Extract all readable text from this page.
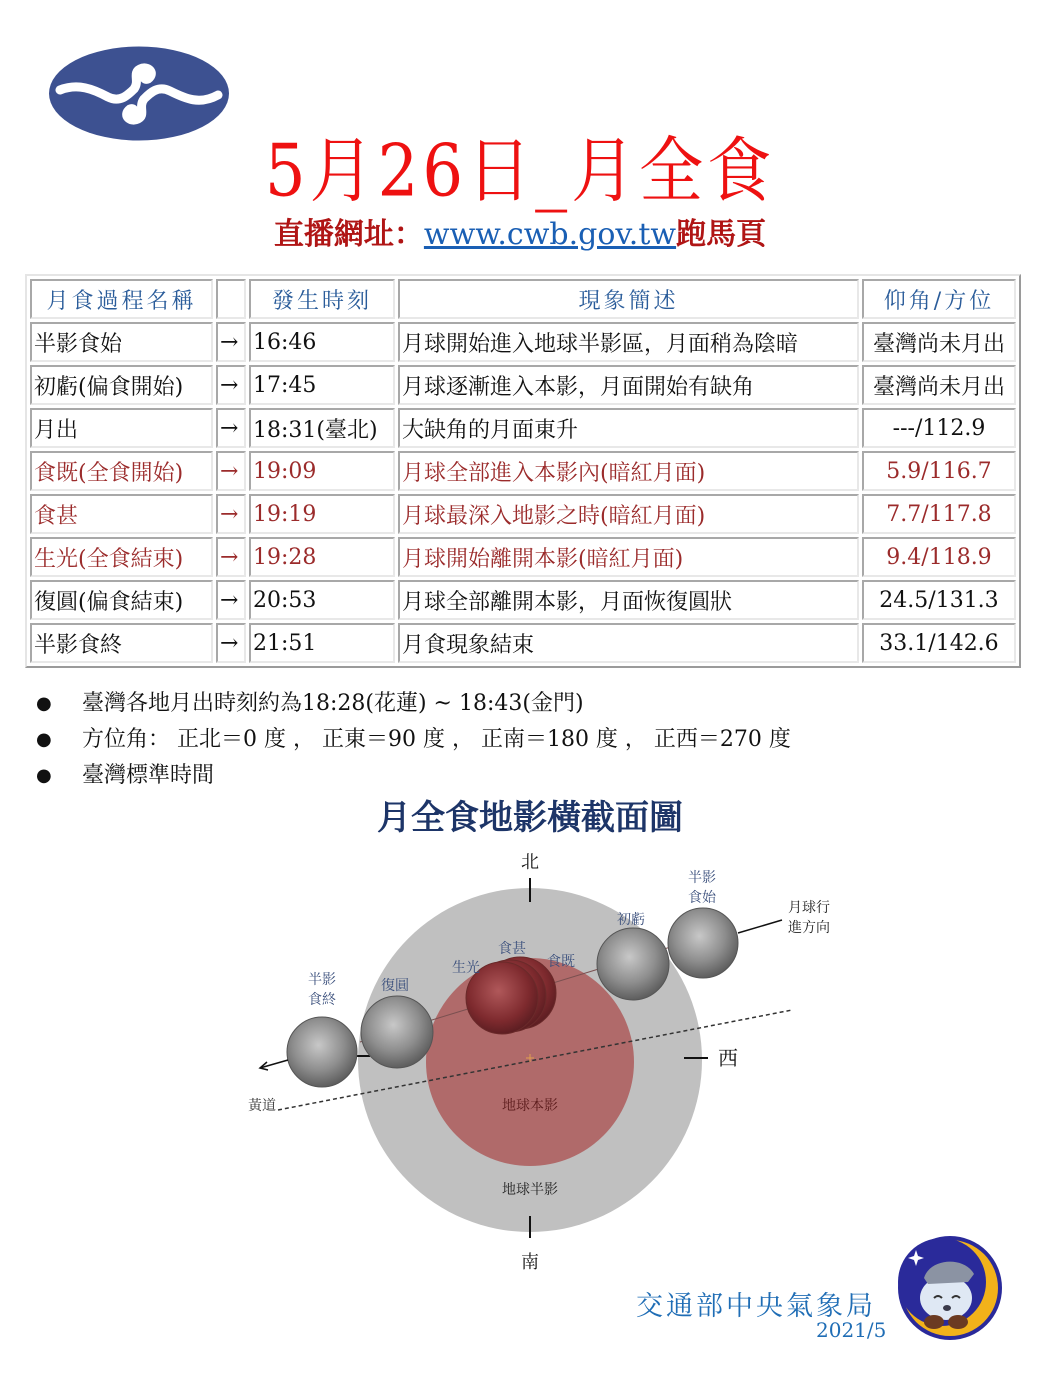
5月26日_月全食
直播網址：www.cwb.gov.tw跑馬頁
月食過程名稱		發生時刻	現象簡述	仰角/方位
半影食始	→	16:46	月球開始進入地球半影區，月面稍為陰暗	臺灣尚未月出
初虧(偏食開始)	→	17:45	月球逐漸進入本影，月面開始有缺角	臺灣尚未月出
月出	→	18:31(臺北)	大缺角的月面東升	---/112.9
食既(全食開始)	→	19:09	月球全部進入本影內(暗紅月面)	5.9/116.7
食甚	→	19:19	月球最深入地影之時(暗紅月面)	7.7/117.8
生光(全食結束)	→	19:28	月球開始離開本影(暗紅月面)	9.4/118.9
復圓(偏食結束)	→	20:53	月球全部離開本影，月面恢復圓狀	24.5/131.3
半影食終	→	21:51	月食現象結束	33.1/142.6
● 臺灣各地月出時刻約為18:28(花蓮) ~ 18:43(金門)
● 方位角： 正北＝0 度 ， 正東＝90 度 ， 正南＝180 度 ， 正西＝270 度
● 臺灣標準時間
月全食地影橫截面圖
北
南
西
半影
食終
復圓
生光
食甚
食既
初虧
半影
食始
月球行
進方向
黃道	地球本影
地球半影
交通部中央氣象局
2021/5
